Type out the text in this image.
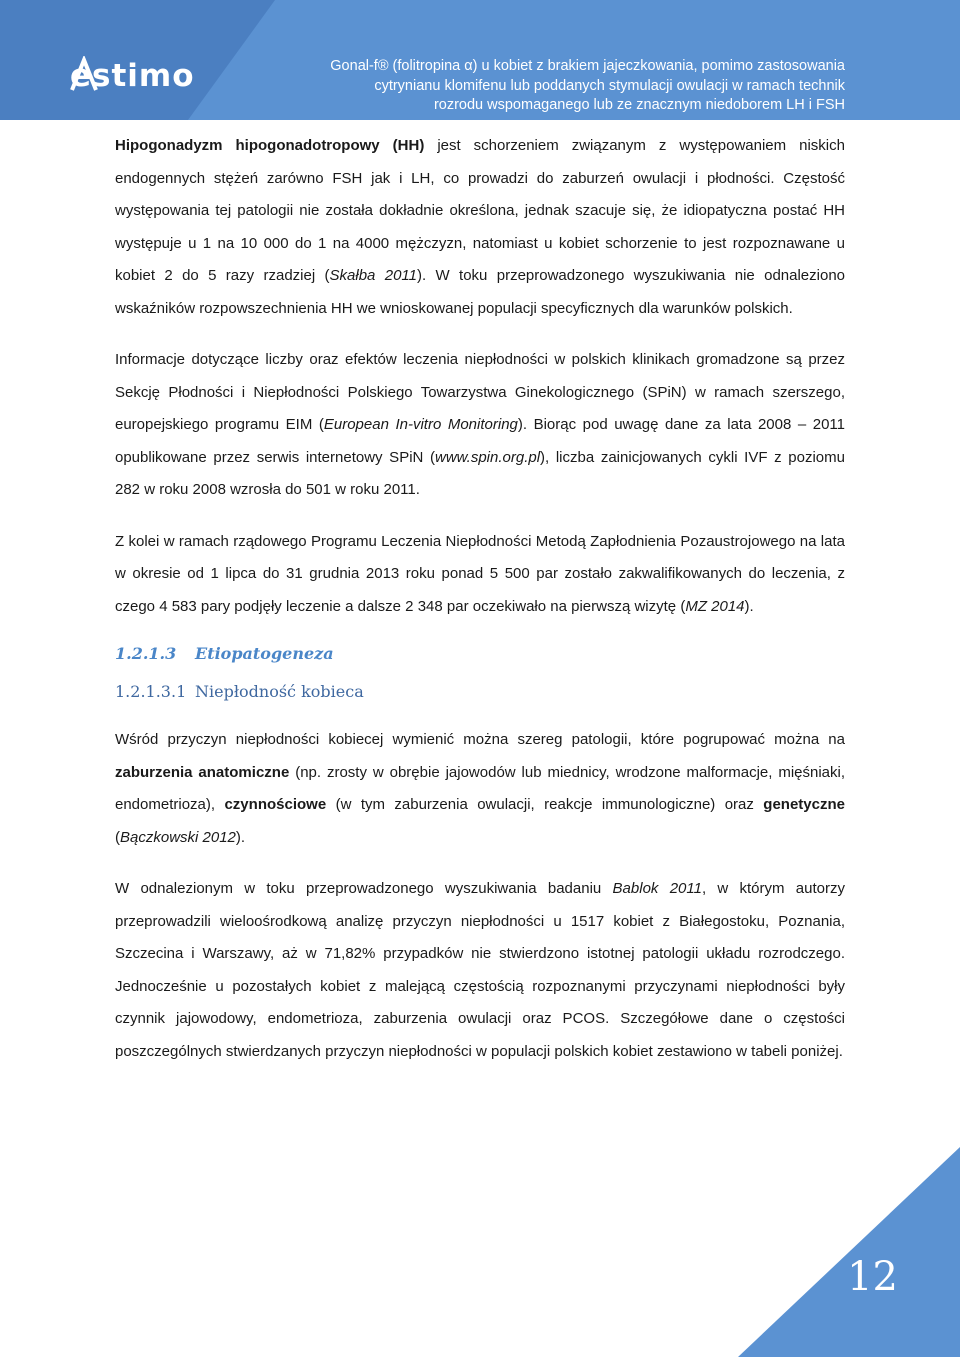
estimo	Gonal-f® (folitropina α) u kobiet z brakiem jajeczkowania, pomimo zastosowania
cytrynianu klomifenu lub poddanych stymulacji owulacji w ramach technik
rozrodu wspomaganego lub ze znacznym niedoborem LH i FSH

Hipogonadyzm hipogonadotropowy (HH) jest schorzeniem związanym z występowaniem niskich endogennych stężeń zarówno FSH jak i LH, co prowadzi do zaburzeń owulacji i płodności. Częstość występowania tej patologii nie została dokładnie określona, jednak szacuje się, że idiopatyczna postać HH występuje u 1 na 10 000 do 1 na 4000 mężczyzn, natomiast u kobiet schorzenie to jest rozpoznawane u kobiet 2 do 5 razy rzadziej (Skałba 2011). W toku przeprowadzonego wyszukiwania nie odnaleziono wskaźników rozpowszechnienia HH we wnioskowanej populacji specyficznych dla warunków polskich.

Informacje dotyczące liczby oraz efektów leczenia niepłodności w polskich klinikach gromadzone są przez Sekcję Płodności i Niepłodności Polskiego Towarzystwa Ginekologicznego (SPiN) w ramach szerszego, europejskiego programu EIM (European In-vitro Monitoring). Biorąc pod uwagę dane za lata 2008 – 2011 opublikowane przez serwis internetowy SPiN (www.spin.org.pl), liczba zainicjowanych cykli IVF z poziomu 282 w roku 2008 wzrosła do 501 w roku 2011.

Z kolei w ramach rządowego Programu Leczenia Niepłodności Metodą Zapłodnienia Pozaustrojowego na lata w okresie od 1 lipca do 31 grudnia 2013 roku ponad 5 500 par zostało zakwalifikowanych do leczenia, z czego 4 583 pary podjęły leczenie a dalsze 2 348 par oczekiwało na pierwszą wizytę (MZ 2014).

1.2.1.3 Etiopatogeneza
1.2.1.3.1 Niepłodność kobieca

Wśród przyczyn niepłodności kobiecej wymienić można szereg patologii, które pogrupować można na zaburzenia anatomiczne (np. zrosty w obrębie jajowodów lub miednicy, wrodzone malformacje, mięśniaki, endometrioza), czynnościowe (w tym zaburzenia owulacji, reakcje immunologiczne) oraz genetyczne (Bączkowski 2012).

W odnalezionym w toku przeprowadzonego wyszukiwania badaniu Bablok 2011, w którym autorzy przeprowadzili wieloośrodkową analizę przyczyn niepłodności u 1517 kobiet z Białegostoku, Poznania, Szczecina i Warszawy, aż w 71,82% przypadków nie stwierdzono istotnej patologii układu rozrodczego. Jednocześnie u pozostałych kobiet z malejącą częstością rozpoznanymi przyczynami niepłodności były czynnik jajowodowy, endometrioza, zaburzenia owulacji oraz PCOS. Szczegółowe dane o częstości poszczególnych stwierdzanych przyczyn niepłodności w populacji polskich kobiet zestawiono w tabeli poniżej.

12
